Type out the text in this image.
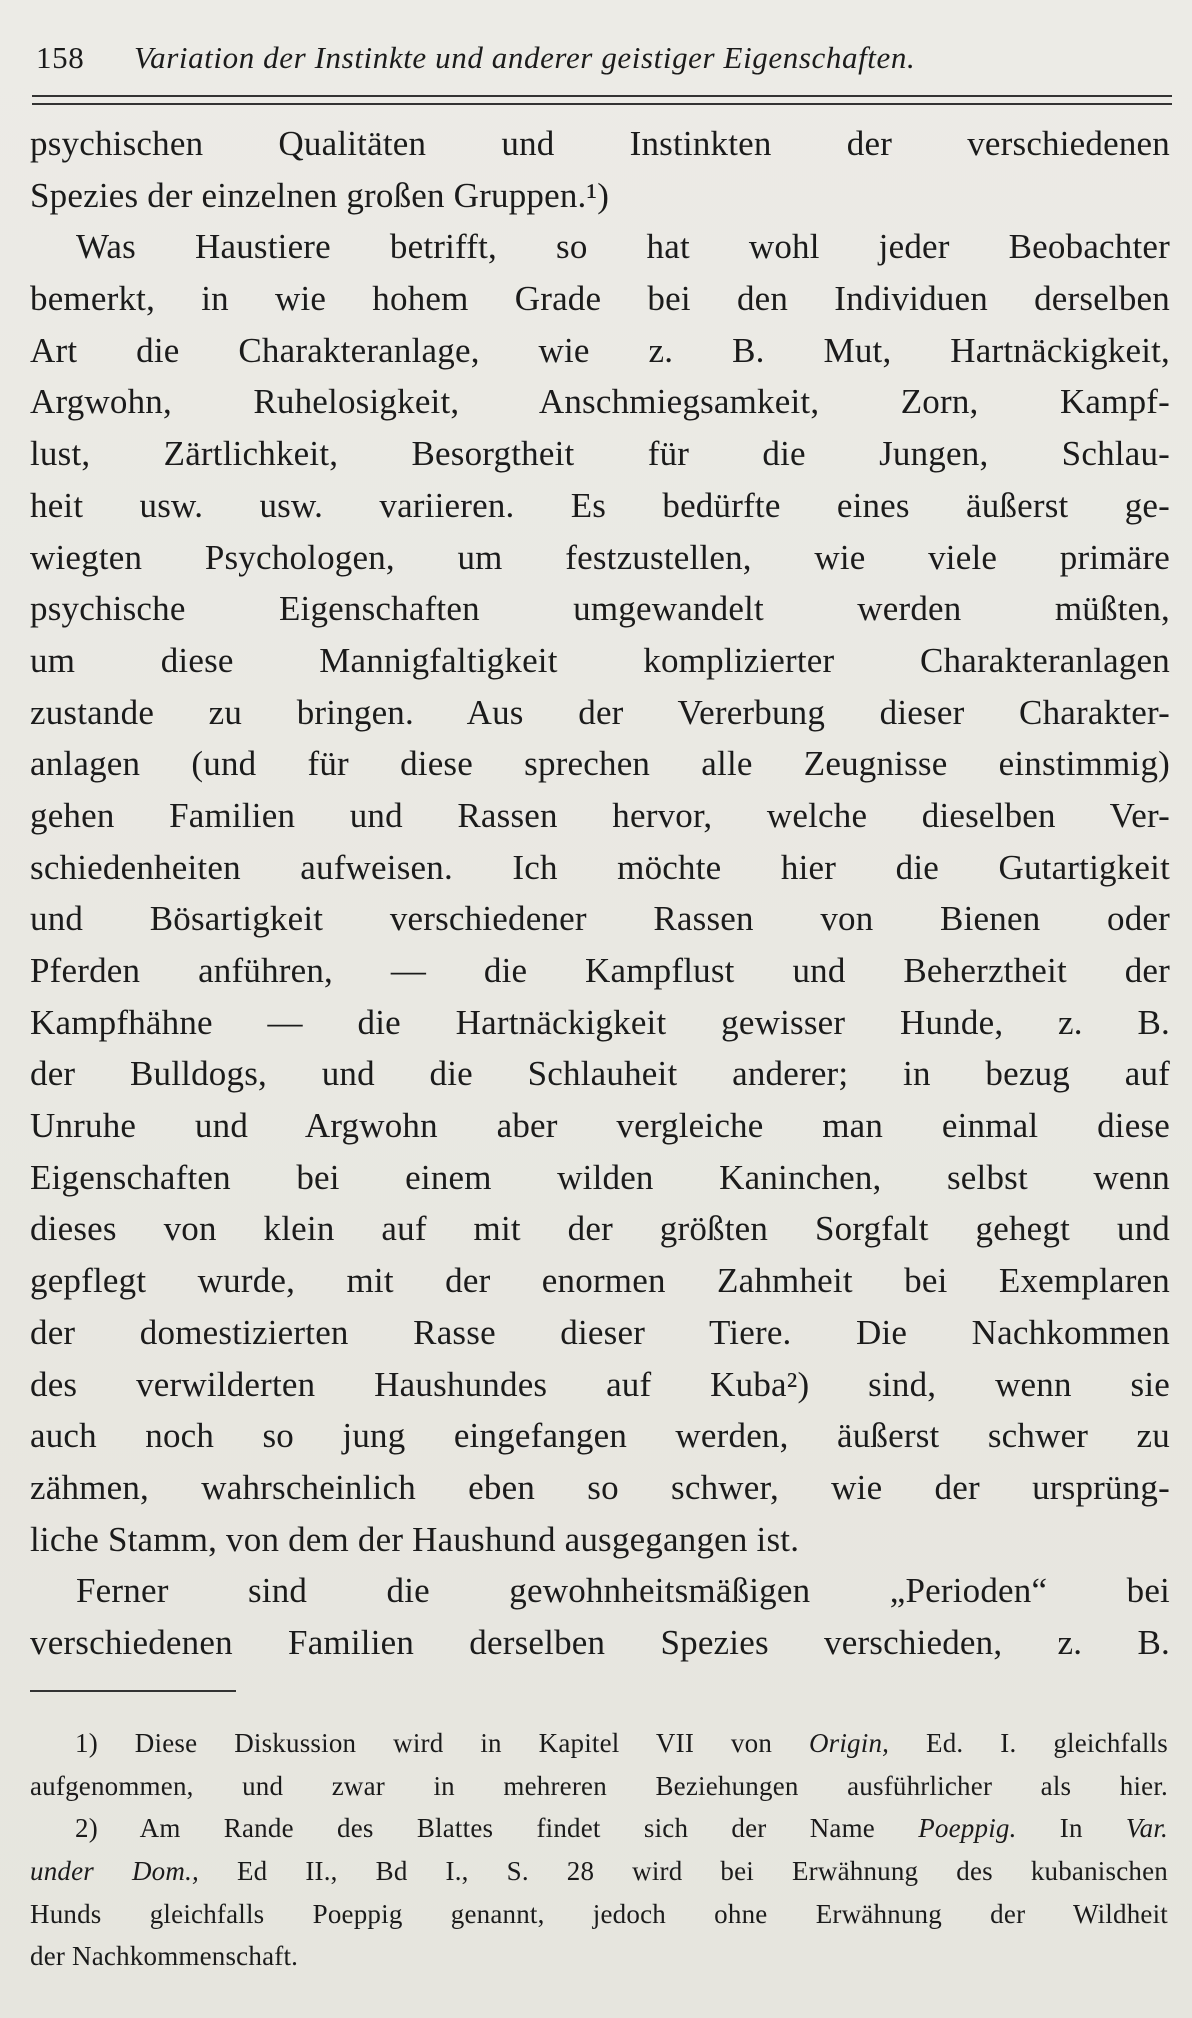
158 Variation der Instinkte und anderer geistiger Eigenschaften.
psychischen Qualitäten und Instinkten der verschiedenen
Spezies der einzelnen großen Gruppen.¹)
Was Haustiere betrifft, so hat wohl jeder Beobachter
bemerkt, in wie hohem Grade bei den Individuen derselben
Art die Charakteranlage, wie z. B. Mut, Hartnäckigkeit,
Argwohn, Ruhelosigkeit, Anschmiegsamkeit, Zorn, Kampf-
lust, Zärtlichkeit, Besorgtheit für die Jungen, Schlau-
heit usw. usw. variieren. Es bedürfte eines äußerst ge-
wiegten Psychologen, um festzustellen, wie viele primäre
psychische Eigenschaften umgewandelt werden müßten,
um diese Mannigfaltigkeit komplizierter Charakteranlagen
zustande zu bringen. Aus der Vererbung dieser Charakter-
anlagen (und für diese sprechen alle Zeugnisse einstimmig)
gehen Familien und Rassen hervor, welche dieselben Ver-
schiedenheiten aufweisen. Ich möchte hier die Gutartigkeit
und Bösartigkeit verschiedener Rassen von Bienen oder
Pferden anführen, — die Kampflust und Beherztheit der
Kampfhähne — die Hartnäckigkeit gewisser Hunde, z. B.
der Bulldogs, und die Schlauheit anderer; in bezug auf
Unruhe und Argwohn aber vergleiche man einmal diese
Eigenschaften bei einem wilden Kaninchen, selbst wenn
dieses von klein auf mit der größten Sorgfalt gehegt und
gepflegt wurde, mit der enormen Zahmheit bei Exemplaren
der domestizierten Rasse dieser Tiere. Die Nachkommen
des verwilderten Haushundes auf Kuba²) sind, wenn sie
auch noch so jung eingefangen werden, äußerst schwer zu
zähmen, wahrscheinlich eben so schwer, wie der ursprüng-
liche Stamm, von dem der Haushund ausgegangen ist.
Ferner sind die gewohnheitsmäßigen „Perioden“ bei
verschiedenen Familien derselben Spezies verschieden, z. B.
1) Diese Diskussion wird in Kapitel VII von Origin, Ed. I. gleichfalls
aufgenommen, und zwar in mehreren Beziehungen ausführlicher als hier.
2) Am Rande des Blattes findet sich der Name Poeppig. In Var.
under Dom., Ed II., Bd I., S. 28 wird bei Erwähnung des kubanischen
Hunds gleichfalls Poeppig genannt, jedoch ohne Erwähnung der Wildheit
der Nachkommenschaft.
